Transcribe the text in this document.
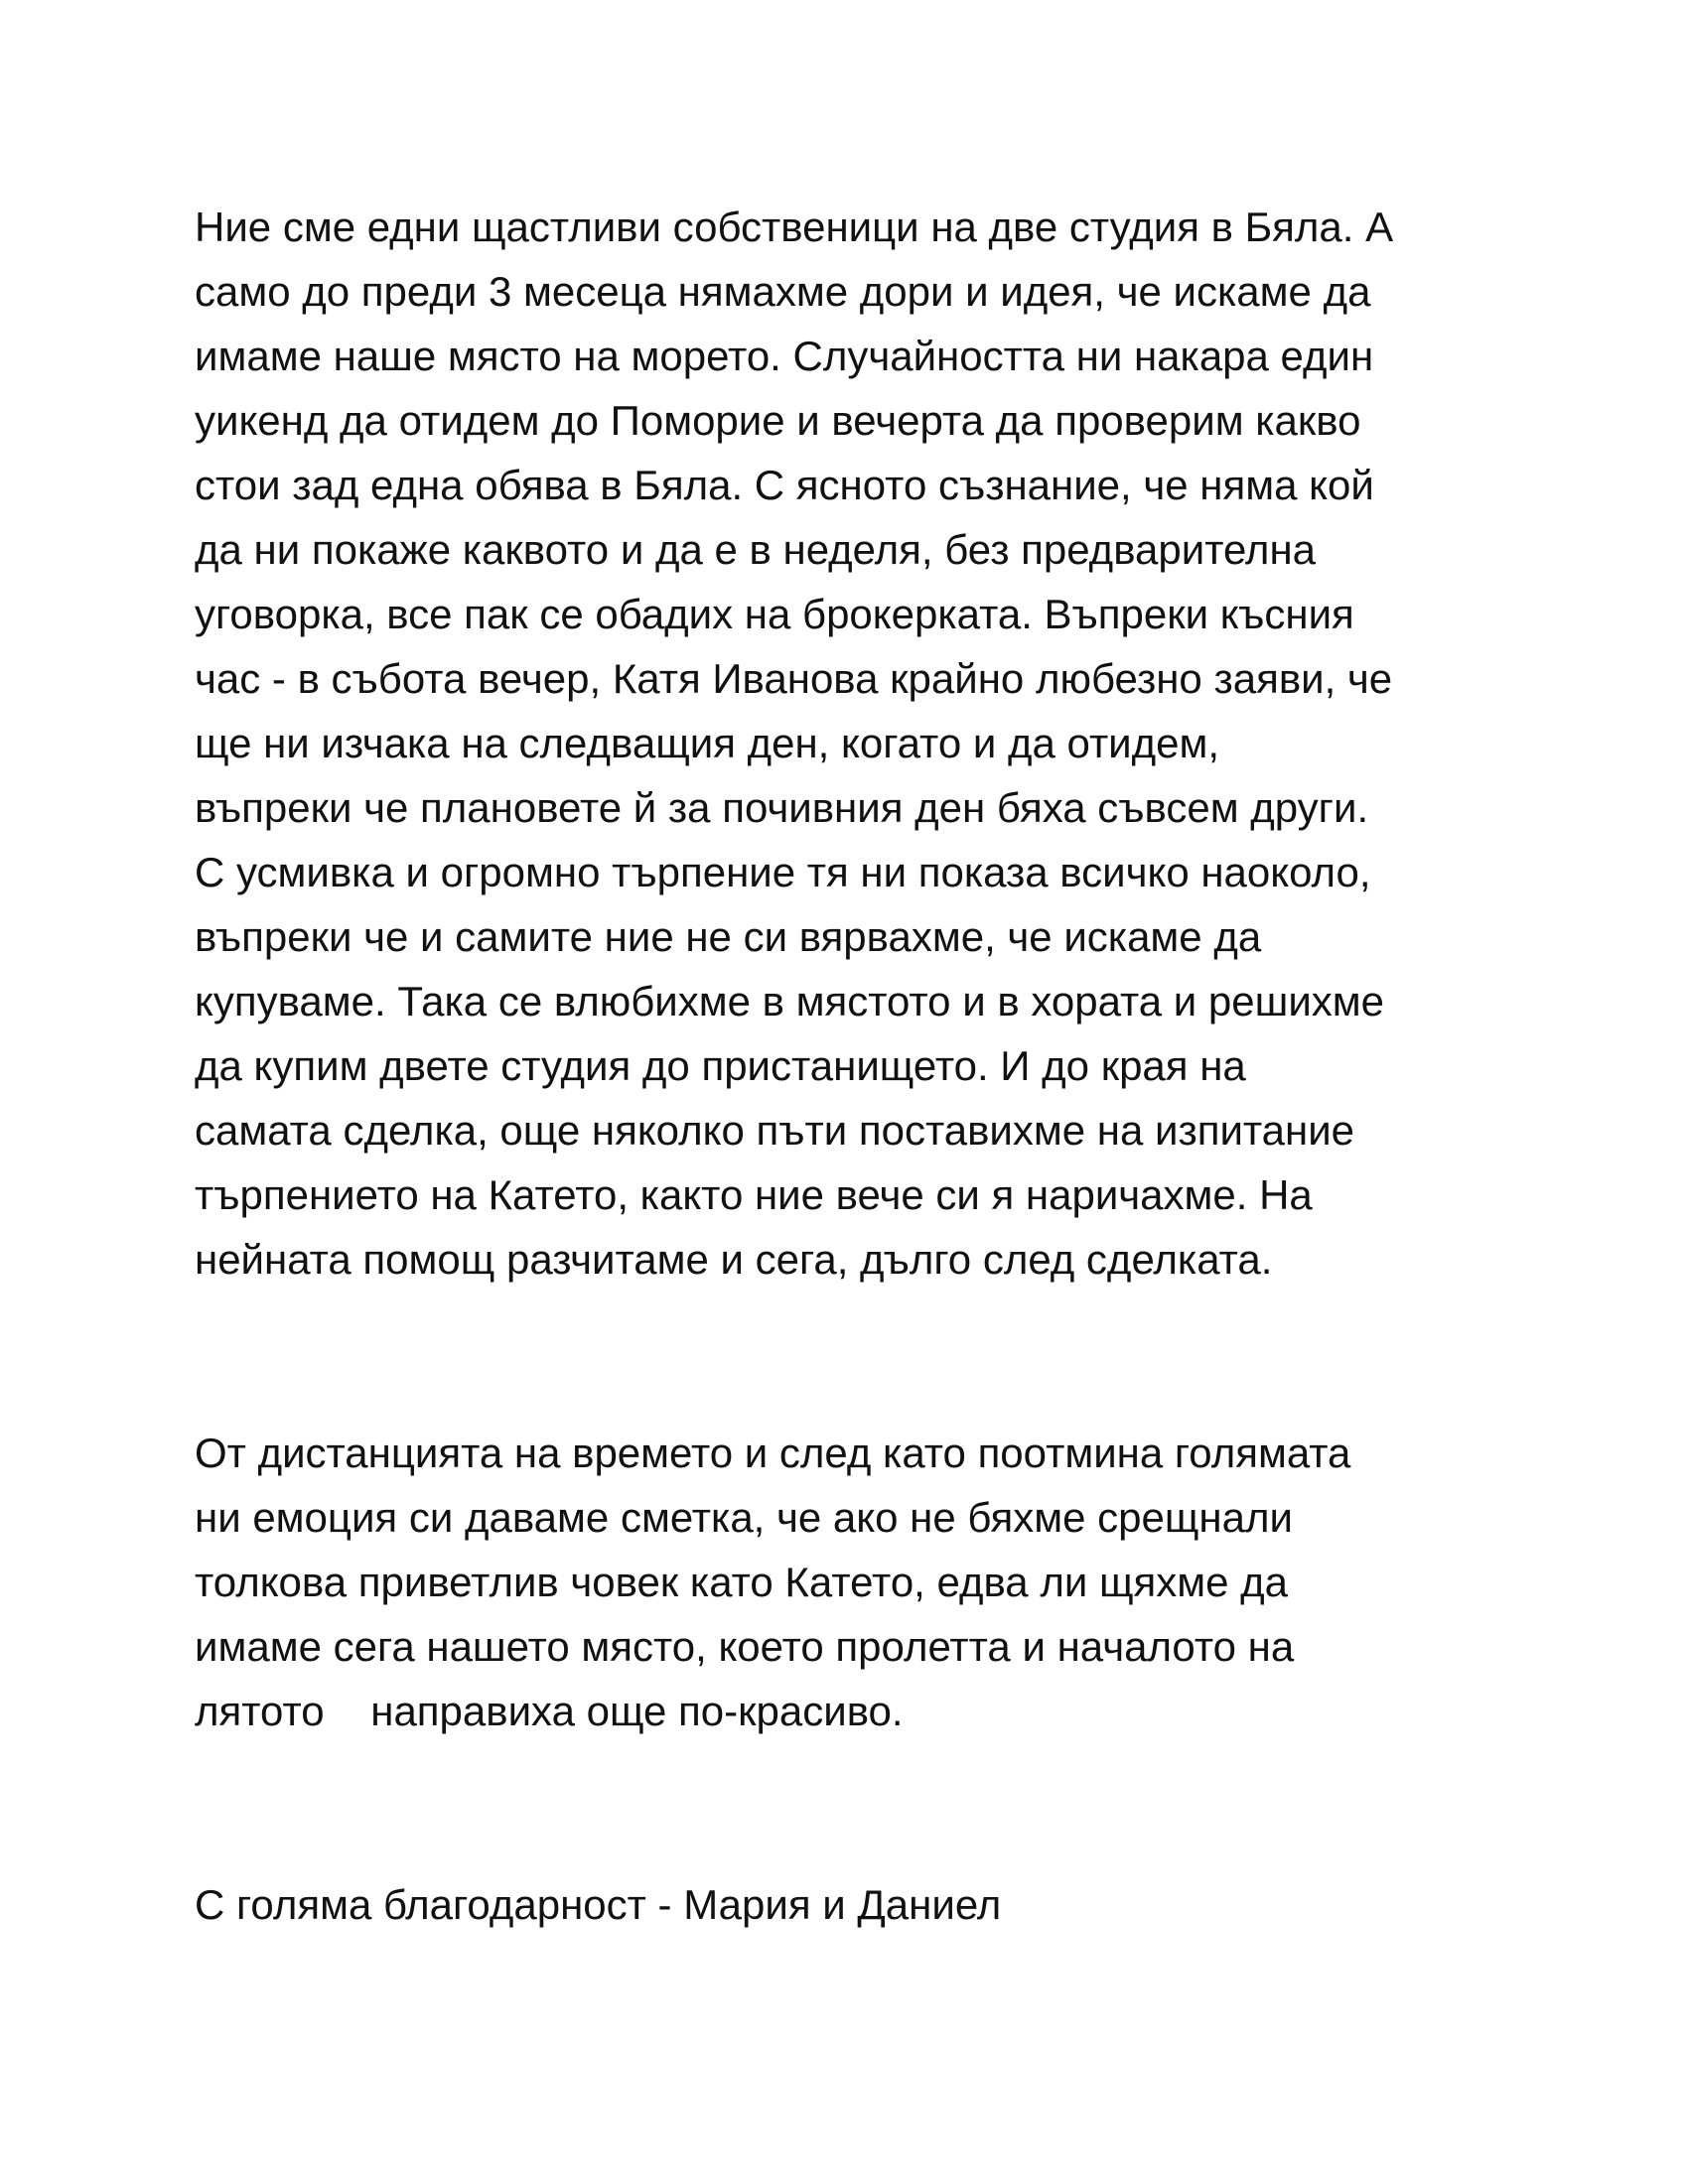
Ние сме едни щастливи собственици на две студия в Бяла. А
само до преди 3 месеца нямахме дори и идея, че искаме да
имаме наше място на морето. Случайността ни накара един
уикенд да отидем до Поморие и вечерта да проверим какво
стои зад една обява в Бяла. С ясното съзнание, че няма кой
да ни покаже каквото и да е в неделя, без предварителна
уговорка, все пак се обадих на брокерката. Въпреки късния
час - в събота вечер, Катя Иванова крайно любезно заяви, че
ще ни изчака на следващия ден, когато и да отидем,
въпреки че плановете й за почивния ден бяха съвсем други.
С усмивка и огромно търпение тя ни показа всичко наоколо,
въпреки че и самите ние не си вярвахме, че искаме да
купуваме. Така се влюбихме в мястото и в хората и решихме
да купим двете студия до пристанището. И до края на
самата сделка, още няколко пъти поставихме на изпитание
търпението на Катето, както ние вече си я наричахме. На
нейната помощ разчитаме и сега, дълго след сделката.
От дистанцията на времето и след като поотмина голямата
ни емоция си даваме сметка, че ако не бяхме срещнали
толкова приветлив човек като Катето, едва ли щяхме да
имаме сега нашето място, което пролетта и началото на
лятото    направиха още по-красиво.
С голяма благодарност - Мария и Даниел
